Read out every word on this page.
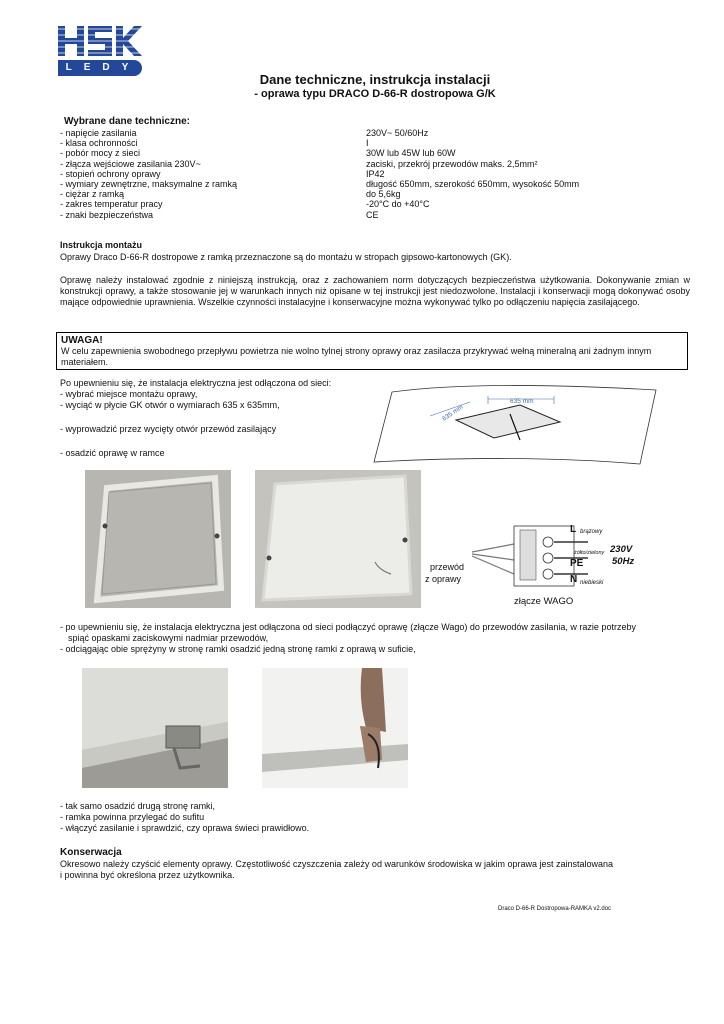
LEDY
Dane techniczne, instrukcja instalacji
- oprawa typu DRACO D-66-R dostropowa G/K
Wybrane dane techniczne:
- napięcie zasilania	230V~ 50/60Hz
- klasa ochronności	I
- pobór mocy z sieci	30W lub 45W lub 60W
- złącza wejściowe zasilania 230V~	zaciski, przekrój przewodów maks. 2,5mm²
- stopień ochrony oprawy	IP42
- wymiary zewnętrzne, maksymalne z ramką	długość 650mm, szerokość 650mm, wysokość 50mm
- ciężar z ramką	do 5,6kg
- zakres temperatur pracy	-20°C do +40°C
- znaki bezpieczeństwa	CE
Instrukcja montażu
Oprawy Draco D-66-R dostropowe z ramką przeznaczone są do montażu w stropach gipsowo-kartonowych (GK).
Oprawę należy instalować zgodnie z niniejszą instrukcją, oraz z zachowaniem norm dotyczących bezpieczeństwa użytkowania. Dokonywanie zmian w konstrukcji oprawy, a także stosowanie jej w warunkach innych niż opisane w tej instrukcji jest niedozwolone. Instalacji i konserwacji mogą dokonywać osoby mające odpowiednie uprawnienia. Wszelkie czynności instalacyjne i konserwacyjne można wykonywać tylko po odłączeniu napięcia zasilającego.
UWAGA!
W celu zapewnienia swobodnego przepływu powietrza nie wolno tylnej strony oprawy oraz zasilacza przykrywać wełną mineralną ani żadnym innym materiałem.
Po upewnieniu się, że instalacja elektryczna jest odłączona od sieci:
- wybrać miejsce montażu oprawy,
- wyciąć w płycie GK otwór o wymiarach 635 x 635mm,
- wyprowadzić przez wycięty otwór przewód zasilający
- osadzić oprawę w ramce
635 mm
635 mm
L brązowy
żółto/zielony
PE
230V
50Hz
N niebieski
przewód
z oprawy
złącze WAGO
- po upewnieniu się, że instalacja elektryczna jest odłączona od sieci podłączyć oprawę (złącze Wago) do przewodów zasilania, w razie potrzeby
spiąć opaskami zaciskowymi nadmiar przewodów,
- odciągając obie sprężyny w stronę ramki osadzić jedną stronę ramki z oprawą w suficie,
- tak samo osadzić drugą stronę ramki,
- ramka powinna przylegać do sufitu
- włączyć zasilanie i sprawdzić, czy oprawa świeci prawidłowo.
Konserwacja
Okresowo należy czyścić elementy oprawy. Częstotliwość czyszczenia zależy od warunków środowiska w jakim oprawa jest zainstalowana
i powinna być określona przez użytkownika.
Draco D-66-R Dostropowa-RAMKA v2.doc
